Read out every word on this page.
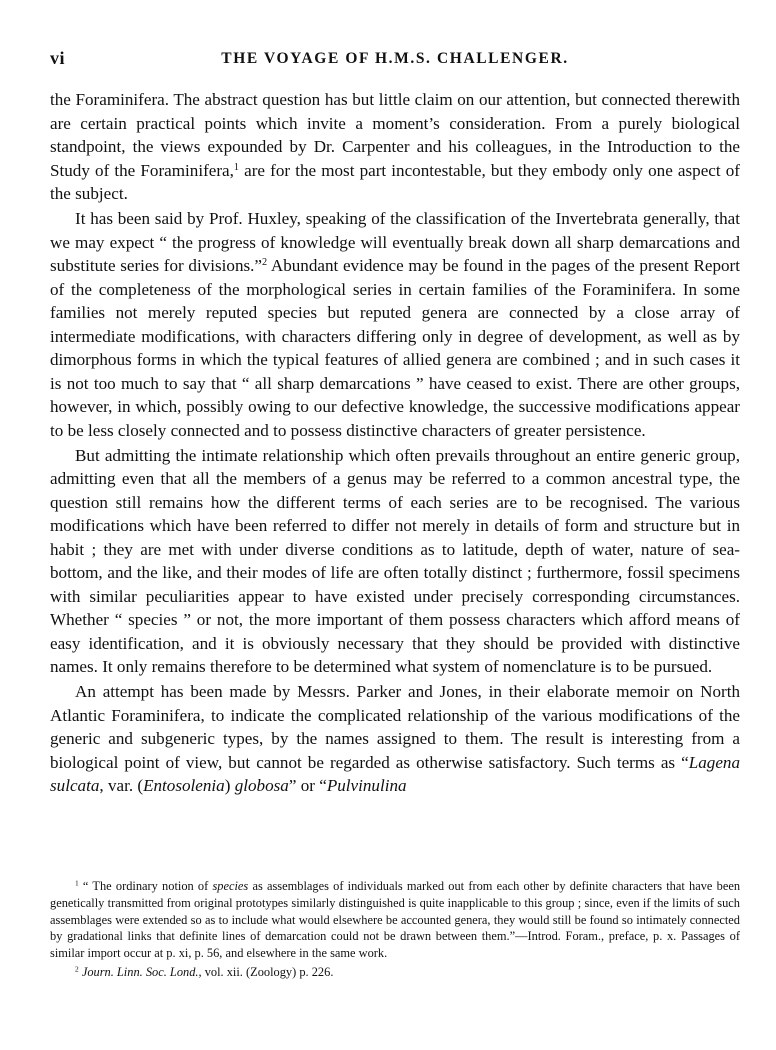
vi	THE VOYAGE OF H.M.S. CHALLENGER.

the Foraminifera. The abstract question has but little claim on our attention, but connected therewith are certain practical points which invite a moment’s consideration. From a purely biological standpoint, the views expounded by Dr. Carpenter and his colleagues, in the Introduction to the Study of the Foraminifera,$^1$ are for the most part incontestable, but they embody only one aspect of the subject.

It has been said by Prof. Huxley, speaking of the classification of the Invertebrata generally, that we may expect “ the progress of knowledge will eventually break down all sharp demarcations and substitute series for divisions.”$^2$ Abundant evidence may be found in the pages of the present Report of the completeness of the morphological series in certain families of the Foraminifera. In some families not merely reputed species but reputed genera are connected by a close array of intermediate modifications, with characters differing only in degree of development, as well as by dimorphous forms in which the typical features of allied genera are combined ; and in such cases it is not too much to say that “ all sharp demarcations ” have ceased to exist. There are other groups, however, in which, possibly owing to our defective knowledge, the successive modifications appear to be less closely connected and to possess distinctive characters of greater persistence.

But admitting the intimate relationship which often prevails throughout an entire generic group, admitting even that all the members of a genus may be referred to a common ancestral type, the question still remains how the different terms of each series are to be recognised. The various modifications which have been referred to differ not merely in details of form and structure but in habit ; they are met with under diverse conditions as to latitude, depth of water, nature of sea-bottom, and the like, and their modes of life are often totally distinct ; furthermore, fossil specimens with similar peculiarities appear to have existed under precisely corresponding circumstances. Whether “ species ” or not, the more important of them possess characters which afford means of easy identification, and it is obviously necessary that they should be provided with distinctive names. It only remains therefore to be determined what system of nomenclature is to be pursued.

An attempt has been made by Messrs. Parker and Jones, in their elaborate memoir on North Atlantic Foraminifera, to indicate the complicated relationship of the various modifications of the generic and subgeneric types, by the names assigned to them. The result is interesting from a biological point of view, but cannot be regarded as otherwise satisfactory. Such terms as “Lagena sulcata, var. (Entosolenia) globosa” or “Pulvinulina

$^1$ “ The ordinary notion of species as assemblages of individuals marked out from each other by definite characters that have been genetically transmitted from original prototypes similarly distinguished is quite inapplicable to this group ; since, even if the limits of such assemblages were extended so as to include what would elsewhere be accounted genera, they would still be found so intimately connected by gradational links that definite lines of demarcation could not be drawn between them.”—Introd. Foram., preface, p. x. Passages of similar import occur at p. xi, p. 56, and elsewhere in the same work.

$^2$ Journ. Linn. Soc. Lond., vol. xii. (Zoology) p. 226.
